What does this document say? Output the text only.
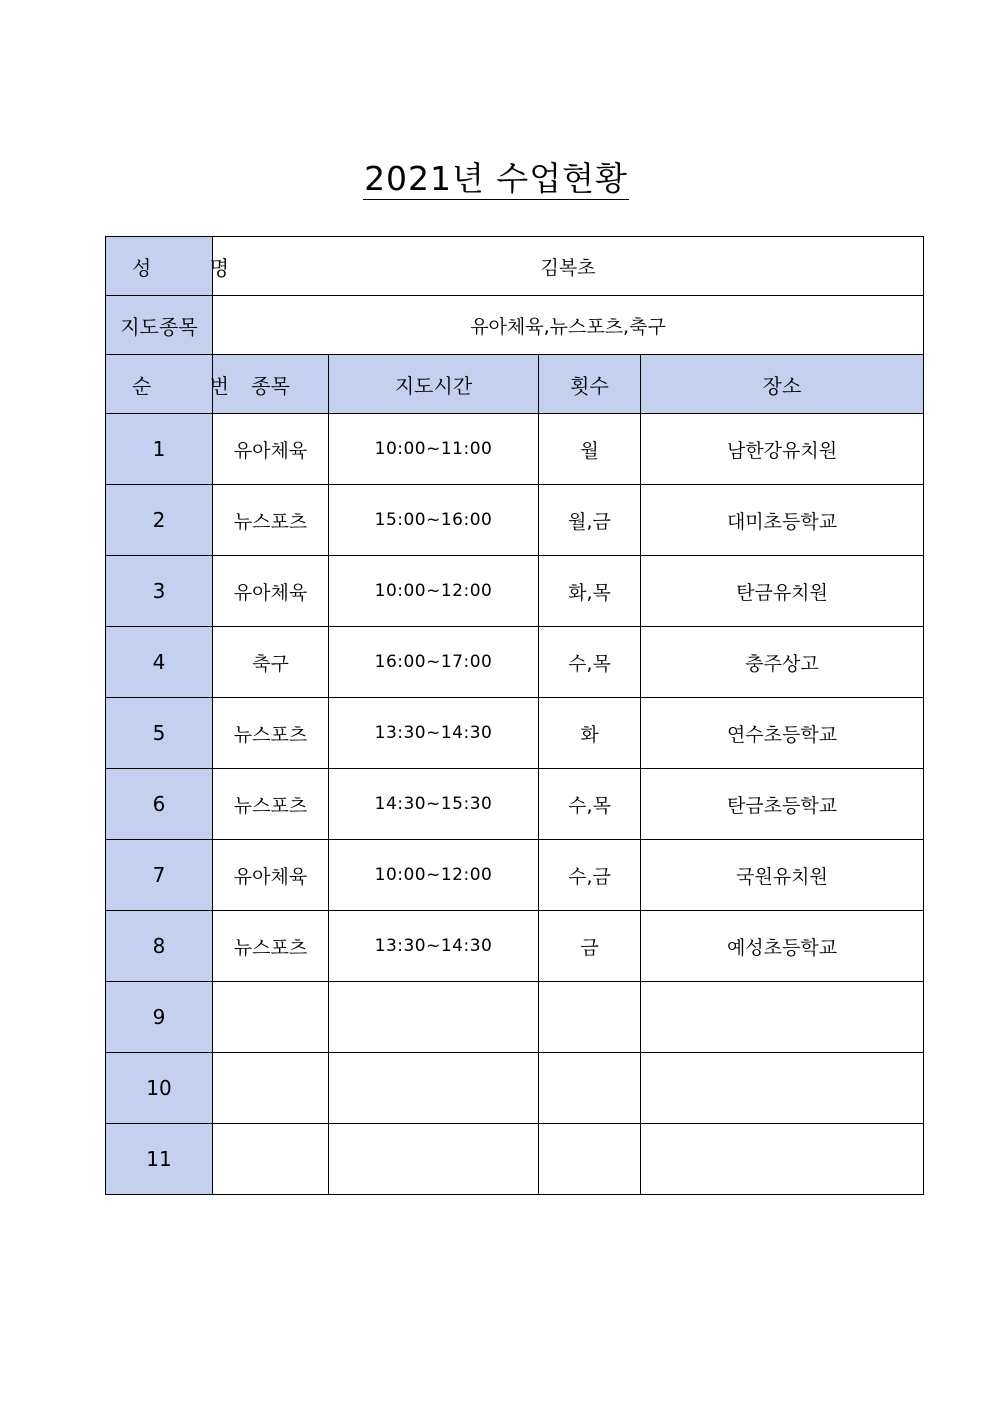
2021년 수업현황
성 명	김복초			
지도종목	유아체육,뉴스포츠,축구			
순 번	종목	지도시간	횟수	장소
1	유아체육	10:00~11:00	월	남한강유치원
2	뉴스포츠	15:00~16:00	월,금	대미초등학교
3	유아체육	10:00~12:00	화,목	탄금유치원
4	축구	16:00~17:00	수,목	충주상고
5	뉴스포츠	13:30~14:30	화	연수초등학교
6	뉴스포츠	14:30~15:30	수,목	탄금초등학교
7	유아체육	10:00~12:00	수,금	국원유치원
8	뉴스포츠	13:30~14:30	금	예성초등학교
9				
10				
11				
